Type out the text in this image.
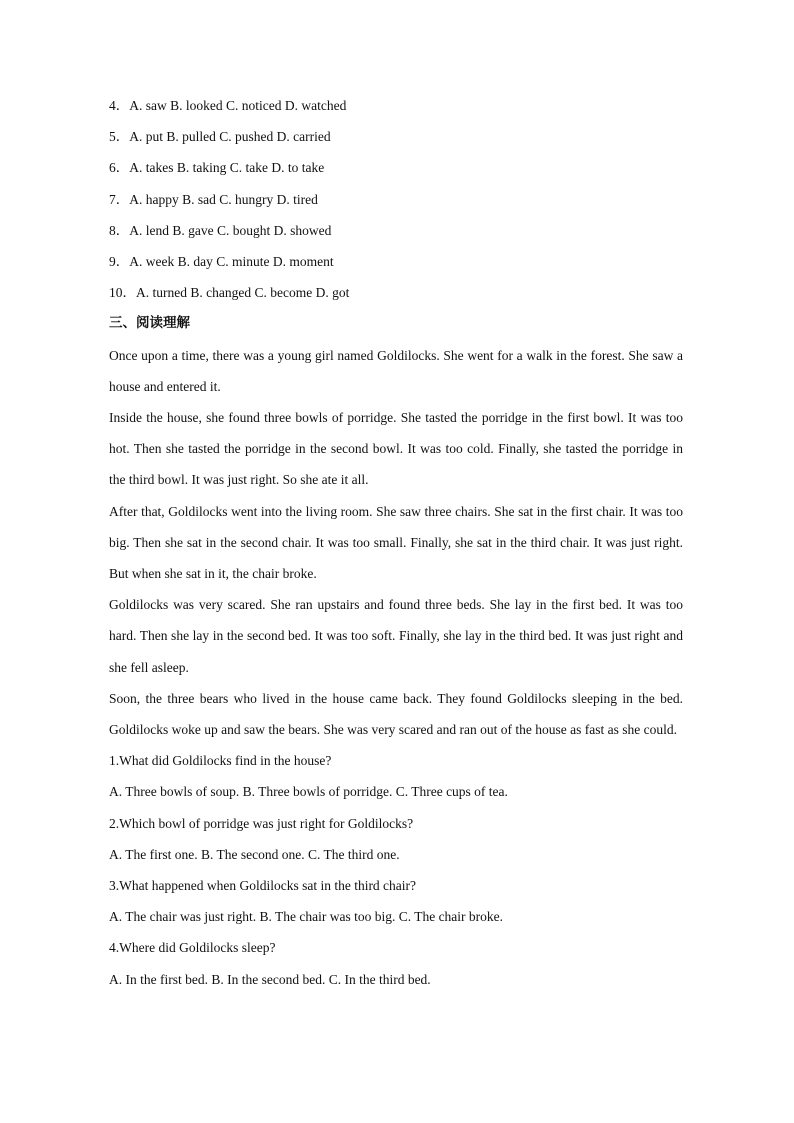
4．A. saw B. looked C. noticed D. watched
5．A. put B. pulled C. pushed D. carried
6．A. takes B. taking C. take D. to take
7．A. happy B. sad C. hungry D. tired
8．A. lend B. gave C. bought D. showed
9．A. week B. day C. minute D. moment
10．A. turned B. changed C. become D. got
三、阅读理解
Once upon a time, there was a young girl named Goldilocks. She went for a walk in the forest. She saw a house and entered it.
Inside the house, she found three bowls of porridge. She tasted the porridge in the first bowl. It was too hot. Then she tasted the porridge in the second bowl. It was too cold. Finally, she tasted the porridge in the third bowl. It was just right. So she ate it all.
After that, Goldilocks went into the living room. She saw three chairs. She sat in the first chair. It was too big. Then she sat in the second chair. It was too small. Finally, she sat in the third chair. It was just right. But when she sat in it, the chair broke.
Goldilocks was very scared. She ran upstairs and found three beds. She lay in the first bed. It was too hard. Then she lay in the second bed. It was too soft. Finally, she lay in the third bed. It was just right and she fell asleep.
Soon, the three bears who lived in the house came back. They found Goldilocks sleeping in the bed. Goldilocks woke up and saw the bears. She was very scared and ran out of the house as fast as she could.
1.What did Goldilocks find in the house?
A. Three bowls of soup. B. Three bowls of porridge. C. Three cups of tea.
2.Which bowl of porridge was just right for Goldilocks?
A. The first one. B. The second one. C. The third one.
3.What happened when Goldilocks sat in the third chair?
A. The chair was just right. B. The chair was too big. C. The chair broke.
4.Where did Goldilocks sleep?
A. In the first bed. B. In the second bed. C. In the third bed.
